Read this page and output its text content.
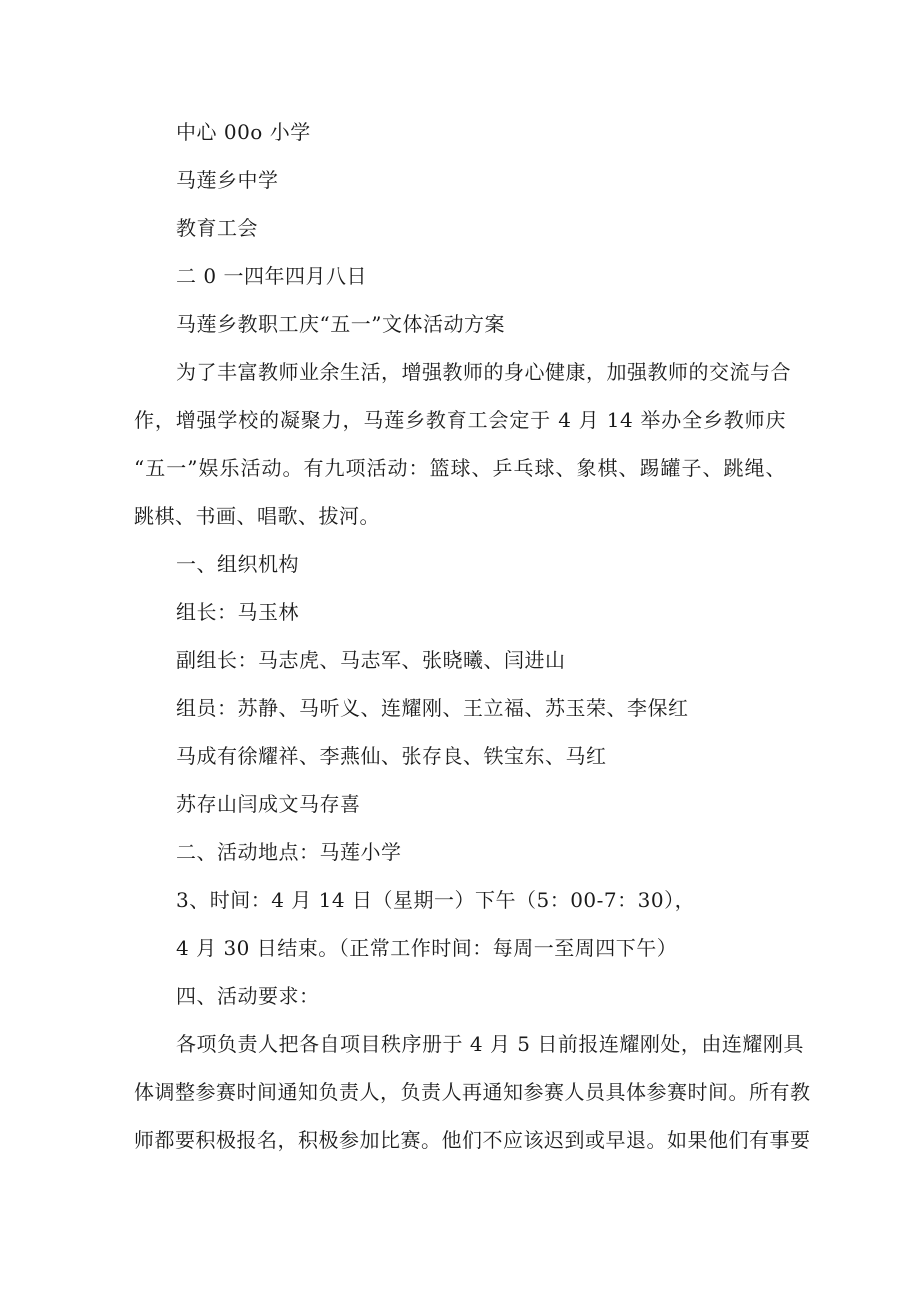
中心 00o 小学
马莲乡中学
教育工会
二 0 一四年四月八日
马莲乡教职工庆“五一”文体活动方案
为了丰富教师业余生活，增强教师的身心健康，加强教师的交流与合
作，增强学校的凝聚力，马莲乡教育工会定于 4 月 14 举办全乡教师庆
“五一”娱乐活动。有九项活动：篮球、乒乓球、象棋、踢罐子、跳绳、
跳棋、书画、唱歌、拔河。
一、组织机构
组长：马玉林
副组长：马志虎、马志军、张晓曦、闫进山
组员：苏静、马听义、连耀刚、王立福、苏玉荣、李保红
马成有徐耀祥、李燕仙、张存良、铁宝东、马红
苏存山闫成文马存喜
二、活动地点：马莲小学
3、时间：4 月 14 日（星期一）下午（5：00-7：30），
4 月 30 日结束。（正常工作时间：每周一至周四下午）
四、活动要求：
各项负责人把各自项目秩序册于 4 月 5 日前报连耀刚处，由连耀刚具
体调整参赛时间通知负责人，负责人再通知参赛人员具体参赛时间。所有教
师都要积极报名，积极参加比赛。他们不应该迟到或早退。如果他们有事要
